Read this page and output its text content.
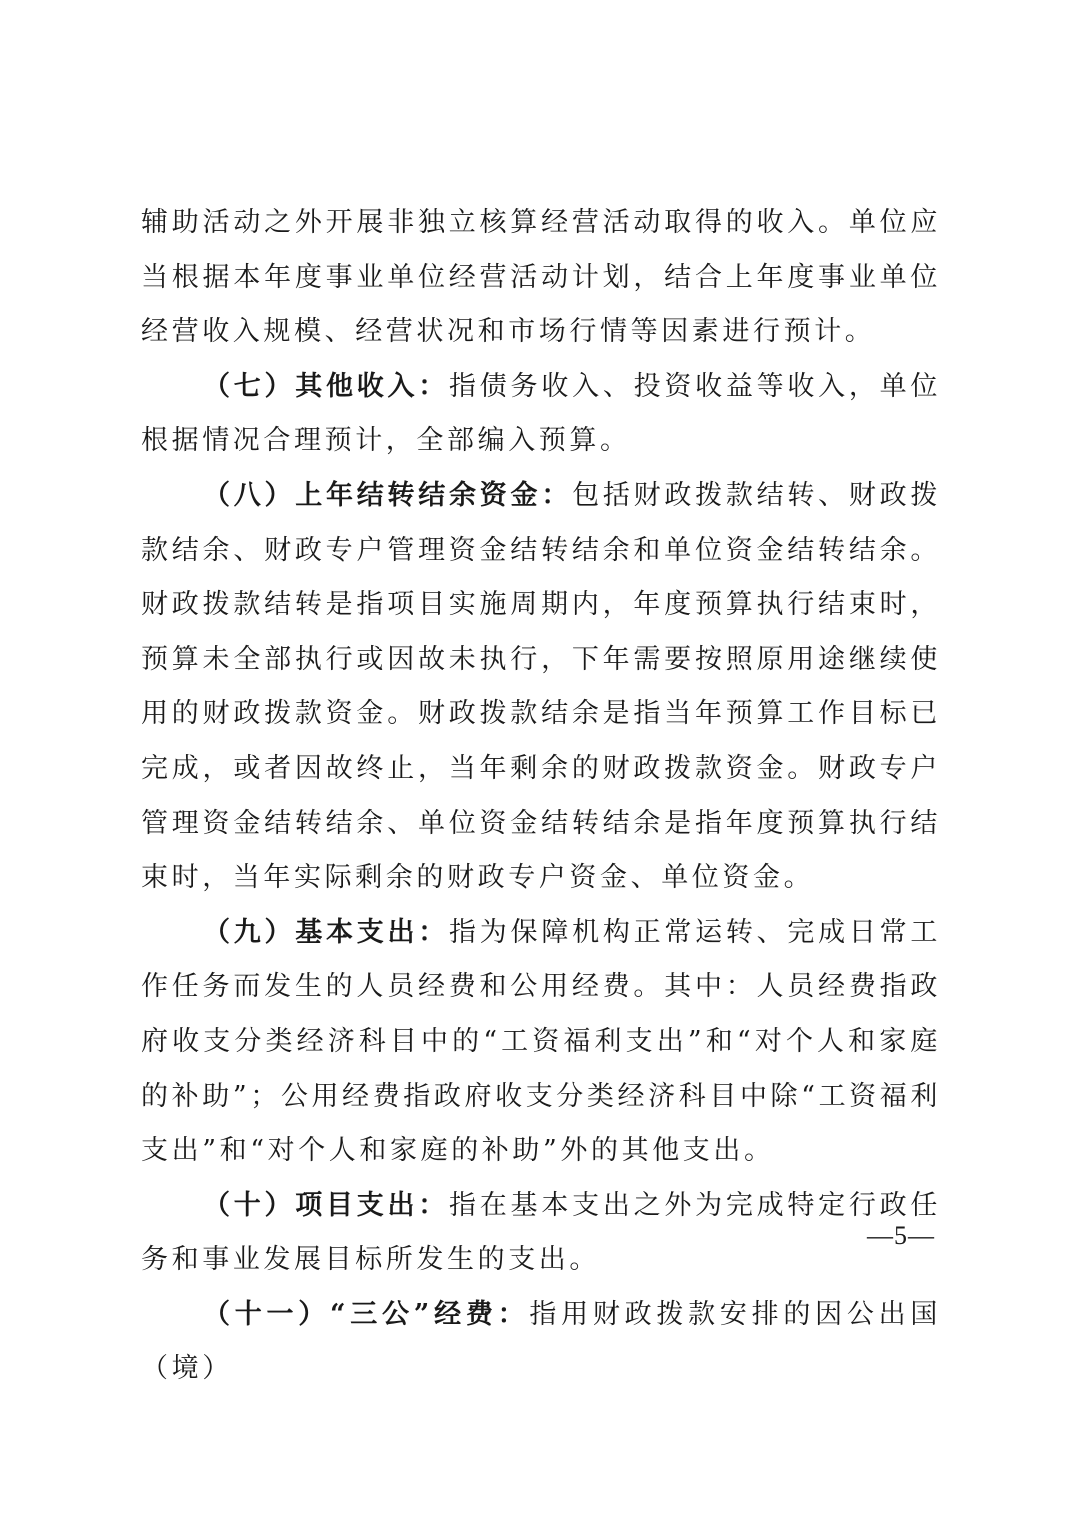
辅助活动之外开展非独立核算经营活动取得的收入。单位应当根据本年度事业单位经营活动计划，结合上年度事业单位经营收入规模、经营状况和市场行情等因素进行预计。

（七）其他收入：指债务收入、投资收益等收入，单位根据情况合理预计，全部编入预算。

（八）上年结转结余资金：包括财政拨款结转、财政拨款结余、财政专户管理资金结转结余和单位资金结转结余。财政拨款结转是指项目实施周期内，年度预算执行结束时，预算未全部执行或因故未执行，下年需要按照原用途继续使用的财政拨款资金。财政拨款结余是指当年预算工作目标已完成，或者因故终止，当年剩余的财政拨款资金。财政专户管理资金结转结余、单位资金结转结余是指年度预算执行结束时，当年实际剩余的财政专户资金、单位资金。

（九）基本支出：指为保障机构正常运转、完成日常工作任务而发生的人员经费和公用经费。其中：人员经费指政府收支分类经济科目中的“工资福利支出”和“对个人和家庭的补助”；公用经费指政府收支分类经济科目中除“工资福利支出”和“对个人和家庭的补助”外的其他支出。

（十）项目支出：指在基本支出之外为完成特定行政任务和事业发展目标所发生的支出。

（十一）“三公”经费：指用财政拨款安排的因公出国（境）

—5—
